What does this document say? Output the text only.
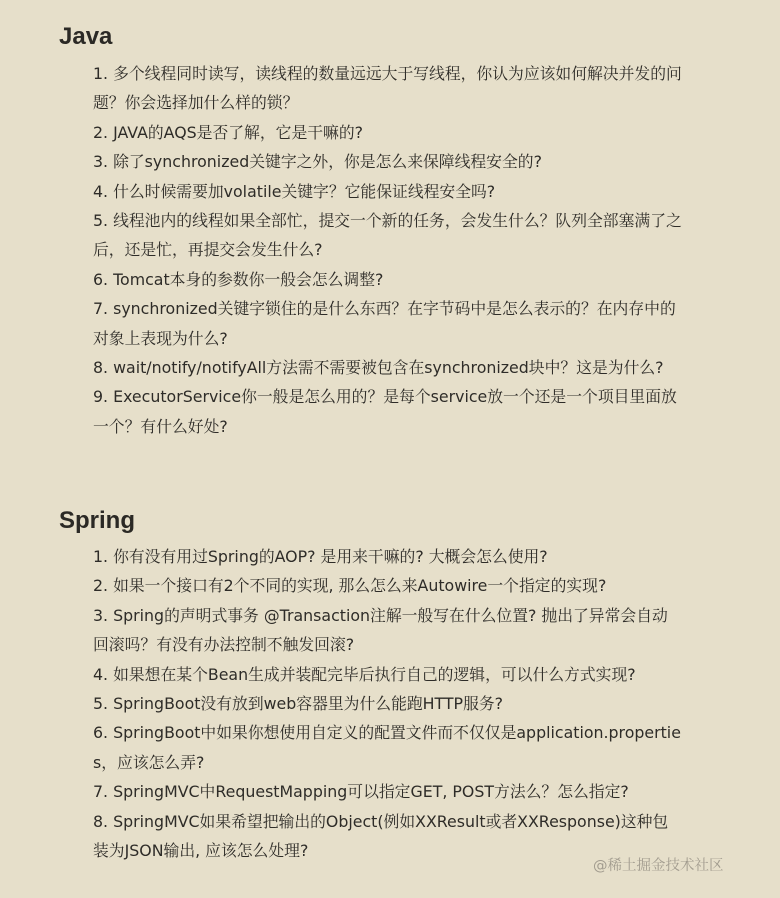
Java
1. 多个线程同时读写，读线程的数量远远大于写线程，你认为应该如何解决并发的问题？你会选择加什么样的锁？
2. JAVA的AQS是否了解，它是干嘛的?
3. 除了synchronized关键字之外，你是怎么来保障线程安全的?
4. 什么时候需要加volatile关键字？它能保证线程安全吗?
5. 线程池内的线程如果全部忙，提交一个新的任务，会发生什么？队列全部塞满了之后，还是忙，再提交会发生什么?
6. Tomcat本身的参数你一般会怎么调整?
7. synchronized关键字锁住的是什么东西？在字节码中是怎么表示的？在内存中的对象上表现为什么?
8. wait/notify/notifyAll方法需不需要被包含在synchronized块中？这是为什么?
9. ExecutorService你一般是怎么用的？是每个service放一个还是一个项目里面放一个？有什么好处?
Spring
1. 你有没有用过Spring的AOP? 是用来干嘛的? 大概会怎么使用?
2. 如果一个接口有2个不同的实现, 那么怎么来Autowire一个指定的实现?
3. Spring的声明式事务 @Transaction注解一般写在什么位置? 抛出了异常会自动回滚吗？有没有办法控制不触发回滚?
4. 如果想在某个Bean生成并装配完毕后执行自己的逻辑，可以什么方式实现?
5. SpringBoot没有放到web容器里为什么能跑HTTP服务?
6. SpringBoot中如果你想使用自定义的配置文件而不仅仅是application.properties，应该怎么弄?
7. SpringMVC中RequestMapping可以指定GET, POST方法么？怎么指定?
8. SpringMVC如果希望把输出的Object(例如XXResult或者XXResponse)这种包装为JSON输出, 应该怎么处理?
@稀土掘金技术社区
